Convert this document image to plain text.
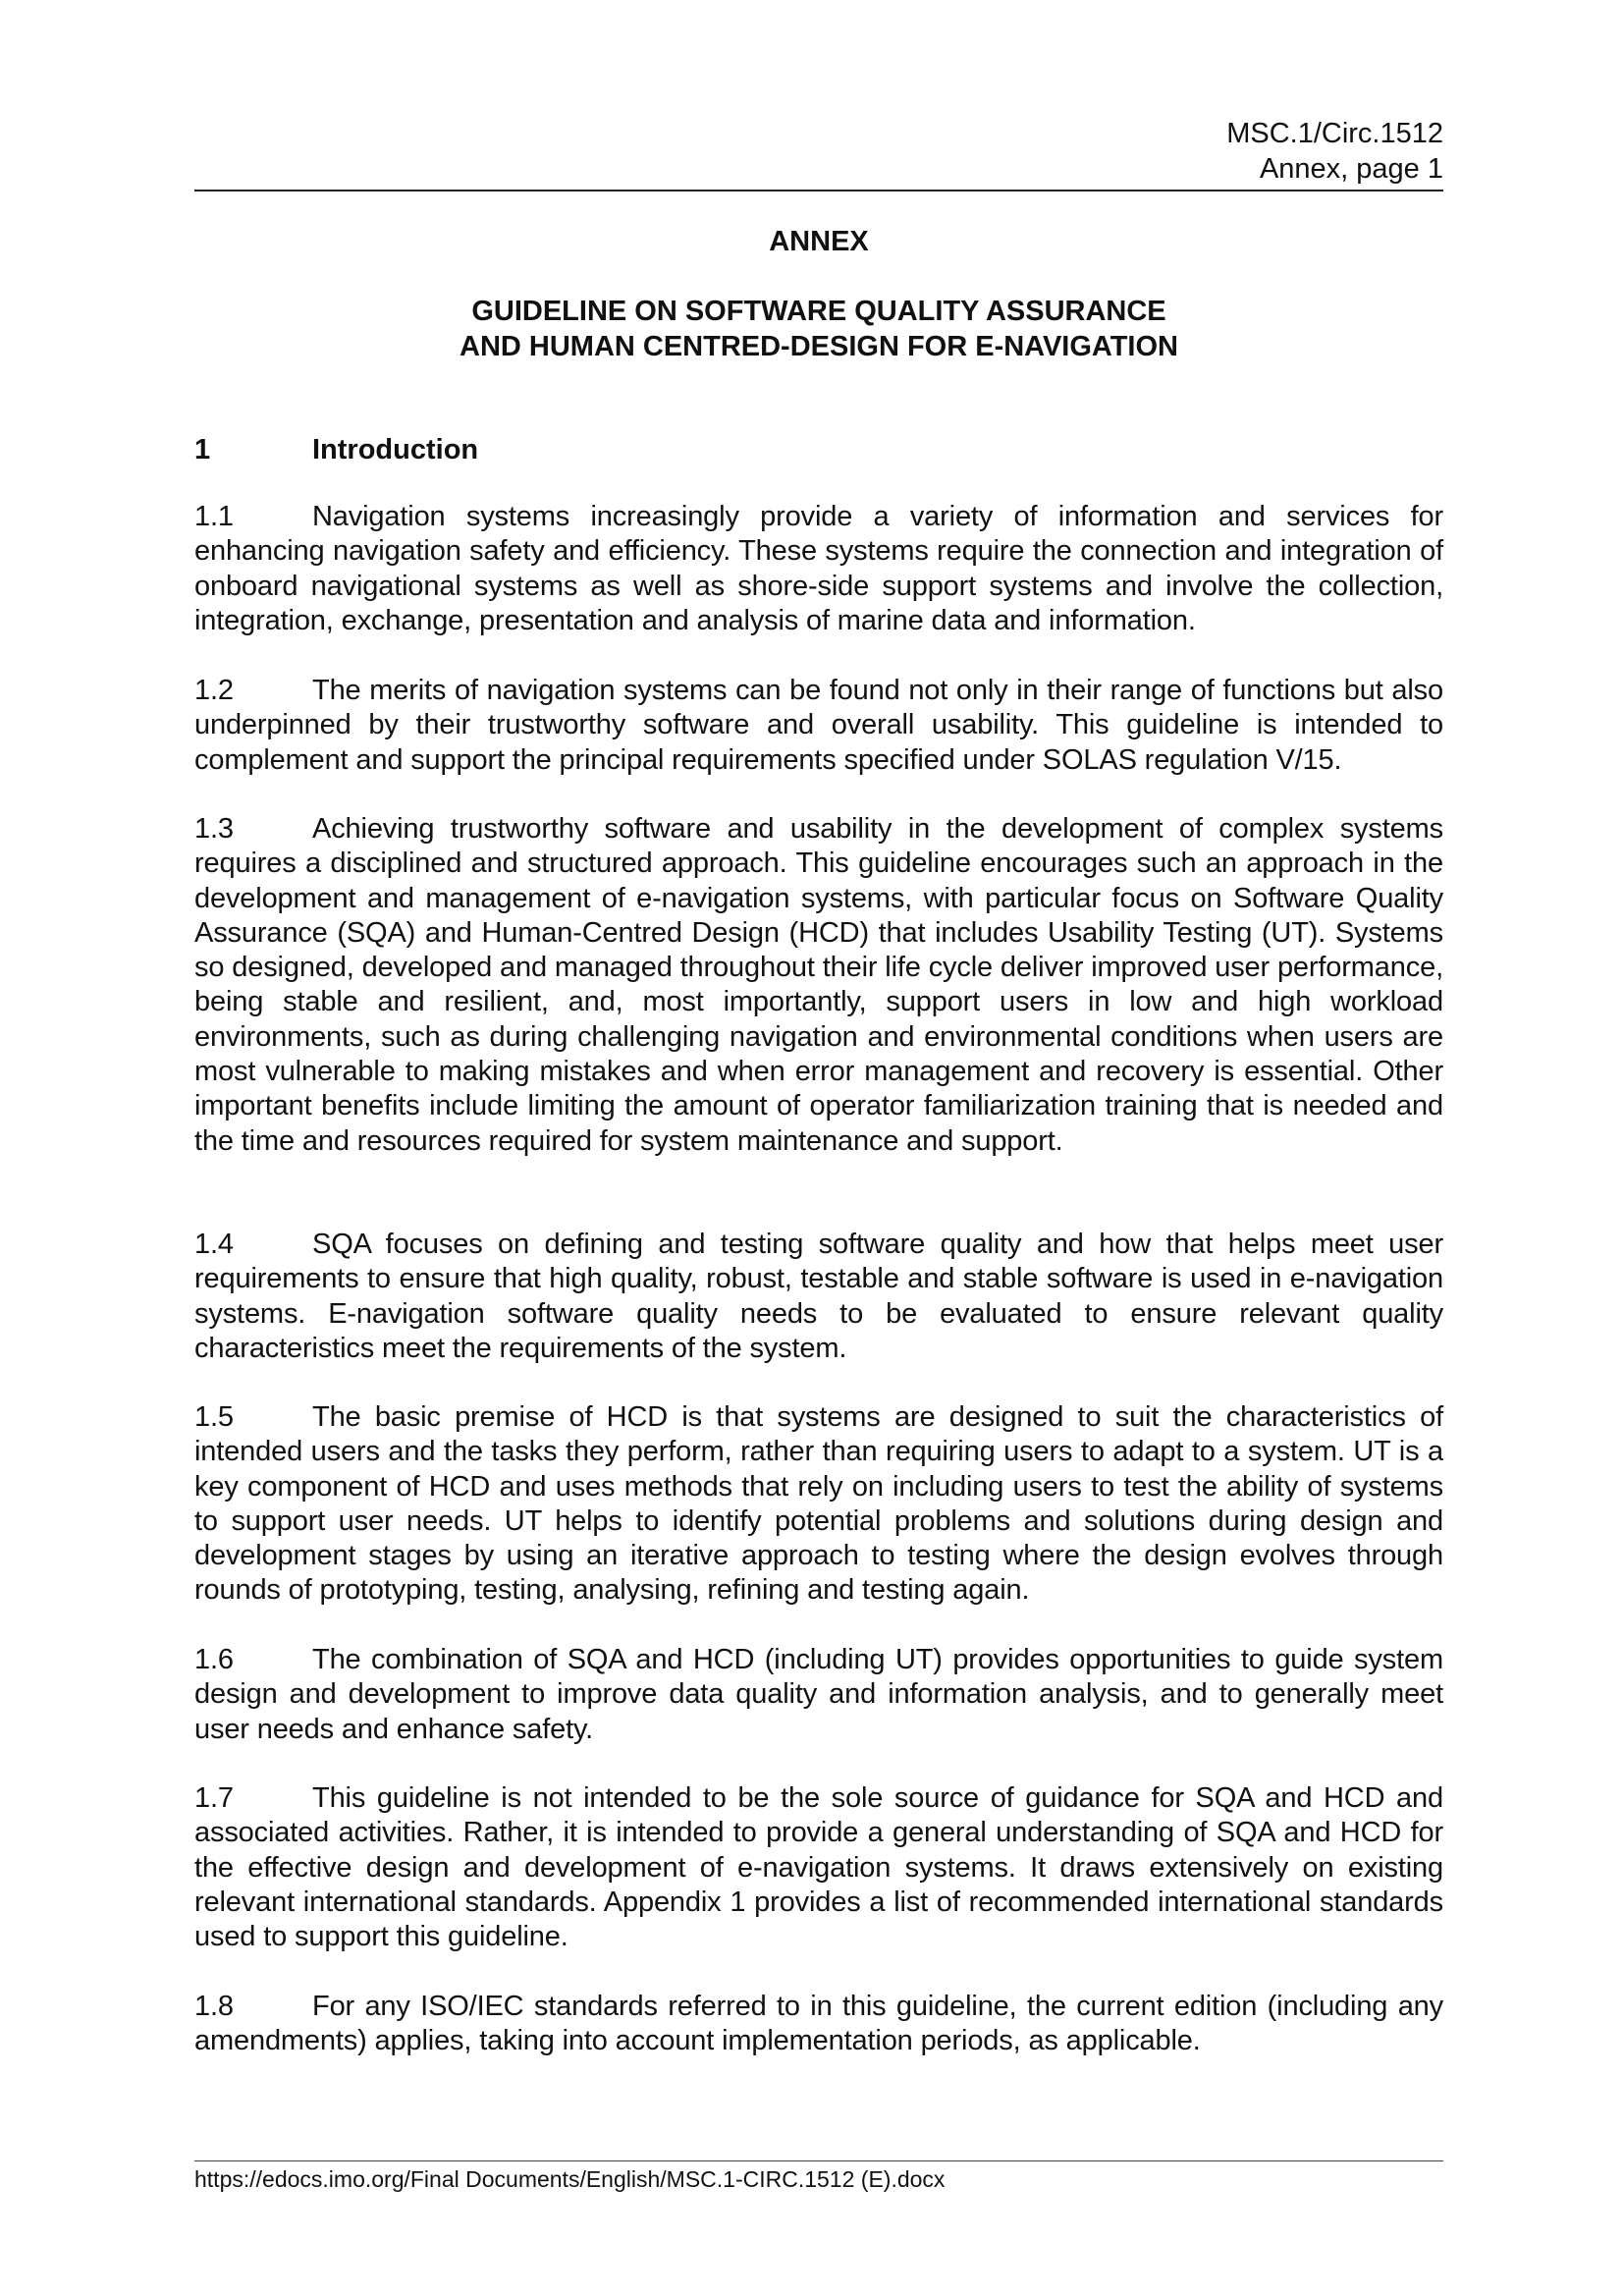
MSC.1/Circ.1512
Annex, page 1
ANNEX
GUIDELINE ON SOFTWARE QUALITY ASSURANCE
AND HUMAN CENTRED-DESIGN FOR E-NAVIGATION
1	Introduction

1.1	Navigation systems increasingly provide a variety of information and services for enhancing navigation safety and efficiency. These systems require the connection and integration of onboard navigational systems as well as shore-side support systems and involve the collection, integration, exchange, presentation and analysis of marine data and information.

1.2	The merits of navigation systems can be found not only in their range of functions but also underpinned by their trustworthy software and overall usability. This guideline is intended to complement and support the principal requirements specified under SOLAS regulation V/15.

1.3	Achieving trustworthy software and usability in the development of complex systems requires a disciplined and structured approach. This guideline encourages such an approach in the development and management of e-navigation systems, with particular focus on Software Quality Assurance (SQA) and Human-Centred Design (HCD) that includes Usability Testing (UT). Systems so designed, developed and managed throughout their life cycle deliver improved user performance, being stable and resilient, and, most importantly, support users in low and high workload environments, such as during challenging navigation and environmental conditions when users are most vulnerable to making mistakes and when error management and recovery is essential. Other important benefits include limiting the amount of operator familiarization training that is needed and the time and resources required for system maintenance and support.

1.4	SQA focuses on defining and testing software quality and how that helps meet user requirements to ensure that high quality, robust, testable and stable software is used in e-navigation systems. E-navigation software quality needs to be evaluated to ensure relevant quality characteristics meet the requirements of the system.

1.5	The basic premise of HCD is that systems are designed to suit the characteristics of intended users and the tasks they perform, rather than requiring users to adapt to a system. UT is a key component of HCD and uses methods that rely on including users to test the ability of systems to support user needs. UT helps to identify potential problems and solutions during design and development stages by using an iterative approach to testing where the design evolves through rounds of prototyping, testing, analysing, refining and testing again.

1.6	The combination of SQA and HCD (including UT) provides opportunities to guide system design and development to improve data quality and information analysis, and to generally meet user needs and enhance safety.

1.7	This guideline is not intended to be the sole source of guidance for SQA and HCD and associated activities. Rather, it is intended to provide a general understanding of SQA and HCD for the effective design and development of e-navigation systems. It draws extensively on existing relevant international standards. Appendix 1 provides a list of recommended international standards used to support this guideline.

1.8	For any ISO/IEC standards referred to in this guideline, the current edition (including any amendments) applies, taking into account implementation periods, as applicable.

https://edocs.imo.org/Final Documents/English/MSC.1-CIRC.1512 (E).docx
